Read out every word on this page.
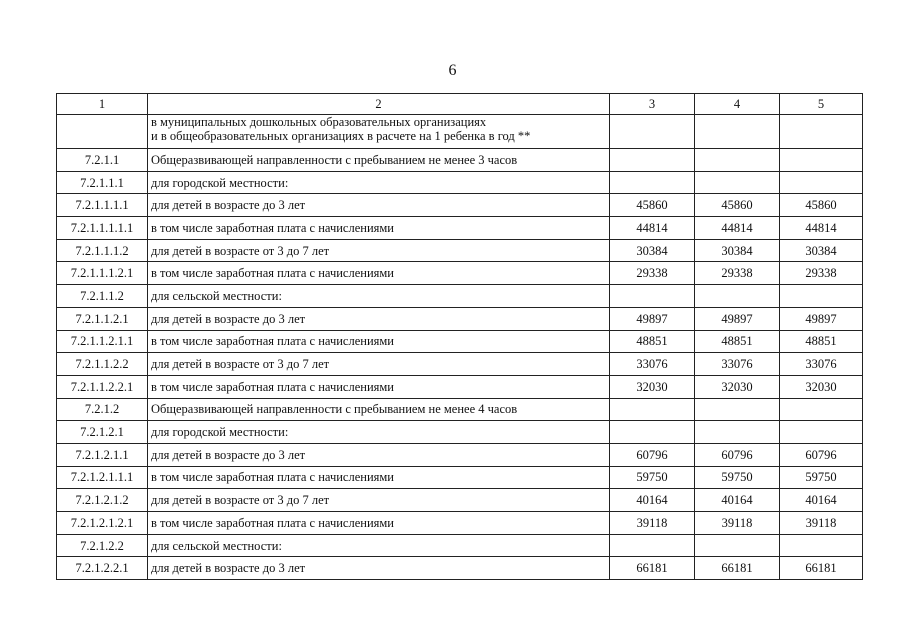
6
1	2	3	4	5

	в муниципальных дошкольных образовательных организациях
и в общеобразовательных организациях в расчете на 1 ребенка в год **			

7.2.1.1	Общеразвивающей направленности с пребыванием не менее 3 часов			
7.2.1.1.1	для городской местности:			
7.2.1.1.1.1	для детей в возрасте до 3 лет	45860	45860	45860
7.2.1.1.1.1.1	в том числе заработная плата с начислениями	44814	44814	44814
7.2.1.1.1.2	для детей в возрасте от 3 до 7 лет	30384	30384	30384
7.2.1.1.1.2.1	в том числе заработная плата с начислениями	29338	29338	29338
7.2.1.1.2	для сельской местности:			
7.2.1.1.2.1	для детей в возрасте до 3 лет	49897	49897	49897
7.2.1.1.2.1.1	в том числе заработная плата с начислениями	48851	48851	48851
7.2.1.1.2.2	для детей в возрасте от 3 до 7 лет	33076	33076	33076
7.2.1.1.2.2.1	в том числе заработная плата с начислениями	32030	32030	32030
7.2.1.2	Общеразвивающей направленности с пребыванием не менее 4 часов			
7.2.1.2.1	для городской местности:			
7.2.1.2.1.1	для детей в возрасте до 3 лет	60796	60796	60796
7.2.1.2.1.1.1	в том числе заработная плата с начислениями	59750	59750	59750
7.2.1.2.1.2	для детей в возрасте от 3 до 7 лет	40164	40164	40164
7.2.1.2.1.2.1	в том числе заработная плата с начислениями	39118	39118	39118
7.2.1.2.2	для сельской местности:			
7.2.1.2.2.1	для детей в возрасте до 3 лет	66181	66181	66181
